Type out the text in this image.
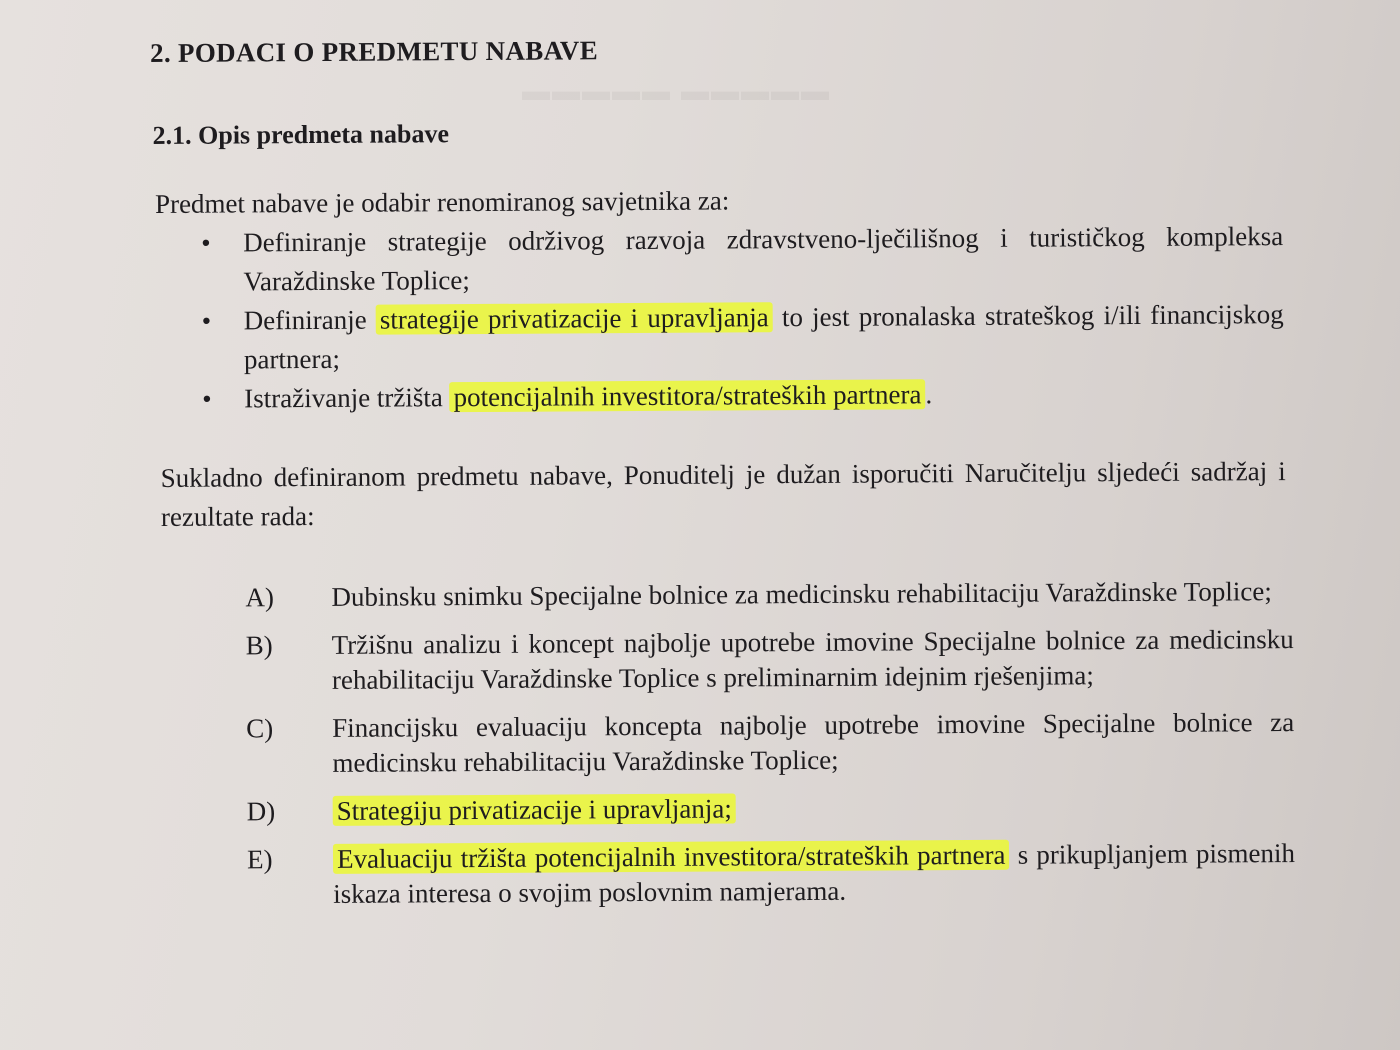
▬▬▬▬▬ ▬▬▬▬▬
2. PODACI O PREDMETU NABAVE
2.1. Opis predmeta nabave

Predmet nabave je odabir renomiranog savjetnika za:

• Definiranje strategije održivog razvoja zdravstveno-lječilišnog i turističkog kompleksa Varaždinske Toplice;
• Definiranje strategije privatizacije i upravljanja to jest pronalaska strateškog i/ili financijskog partnera;
• Istraživanje tržišta potencijalnih investitora/strateških partnera .

Sukladno definiranom predmetu nabave, Ponuditelj je dužan isporučiti Naručitelju sljedeći sadržaj i rezultate rada:

A) Dubinsku snimku Specijalne bolnice za medicinsku rehabilitaciju Varaždinske Toplice;
B) Tržišnu analizu i koncept najbolje upotrebe imovine Specijalne bolnice za medicinsku rehabilitaciju Varaždinske Toplice s preliminarnim idejnim rješenjima;
C) Financijsku evaluaciju koncepta najbolje upotrebe imovine Specijalne bolnice za medicinsku rehabilitaciju Varaždinske Toplice;
D) Strategiju privatizacije i upravljanja;
E) Evaluaciju tržišta potencijalnih investitora/strateških partnera s prikupljanjem pismenih iskaza interesa o svojim poslovnim namjerama.
